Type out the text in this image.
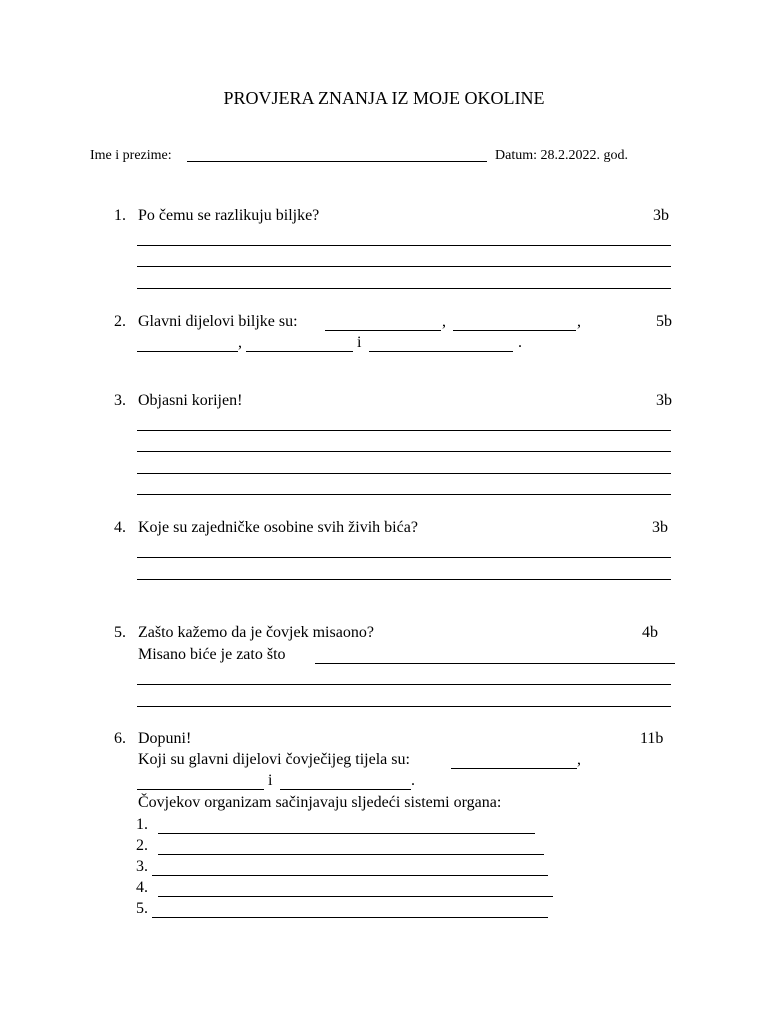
PROVJERA ZNANJA IZ MOJE OKOLINE
Ime i prezime:	Datum: 28.2.2022. god.
1. Po čemu se razlikuju biljke?	3b
2. Glavni dijelovi biljke su:	,	,	5b
,	i	.
3. Objasni korijen!	3b
4. Koje su zajedničke osobine svih živih bića?	3b
5. Zašto kažemo da je čovjek misaono?	4b
Misano biće je zato što
6. Dopuni!	11b
Koji su glavni dijelovi čovječijeg tijela su:	,
i	.
Čovjekov organizam sačinjavaju sljedeći sistemi organa:
1.
2.
3.
4.
5.
